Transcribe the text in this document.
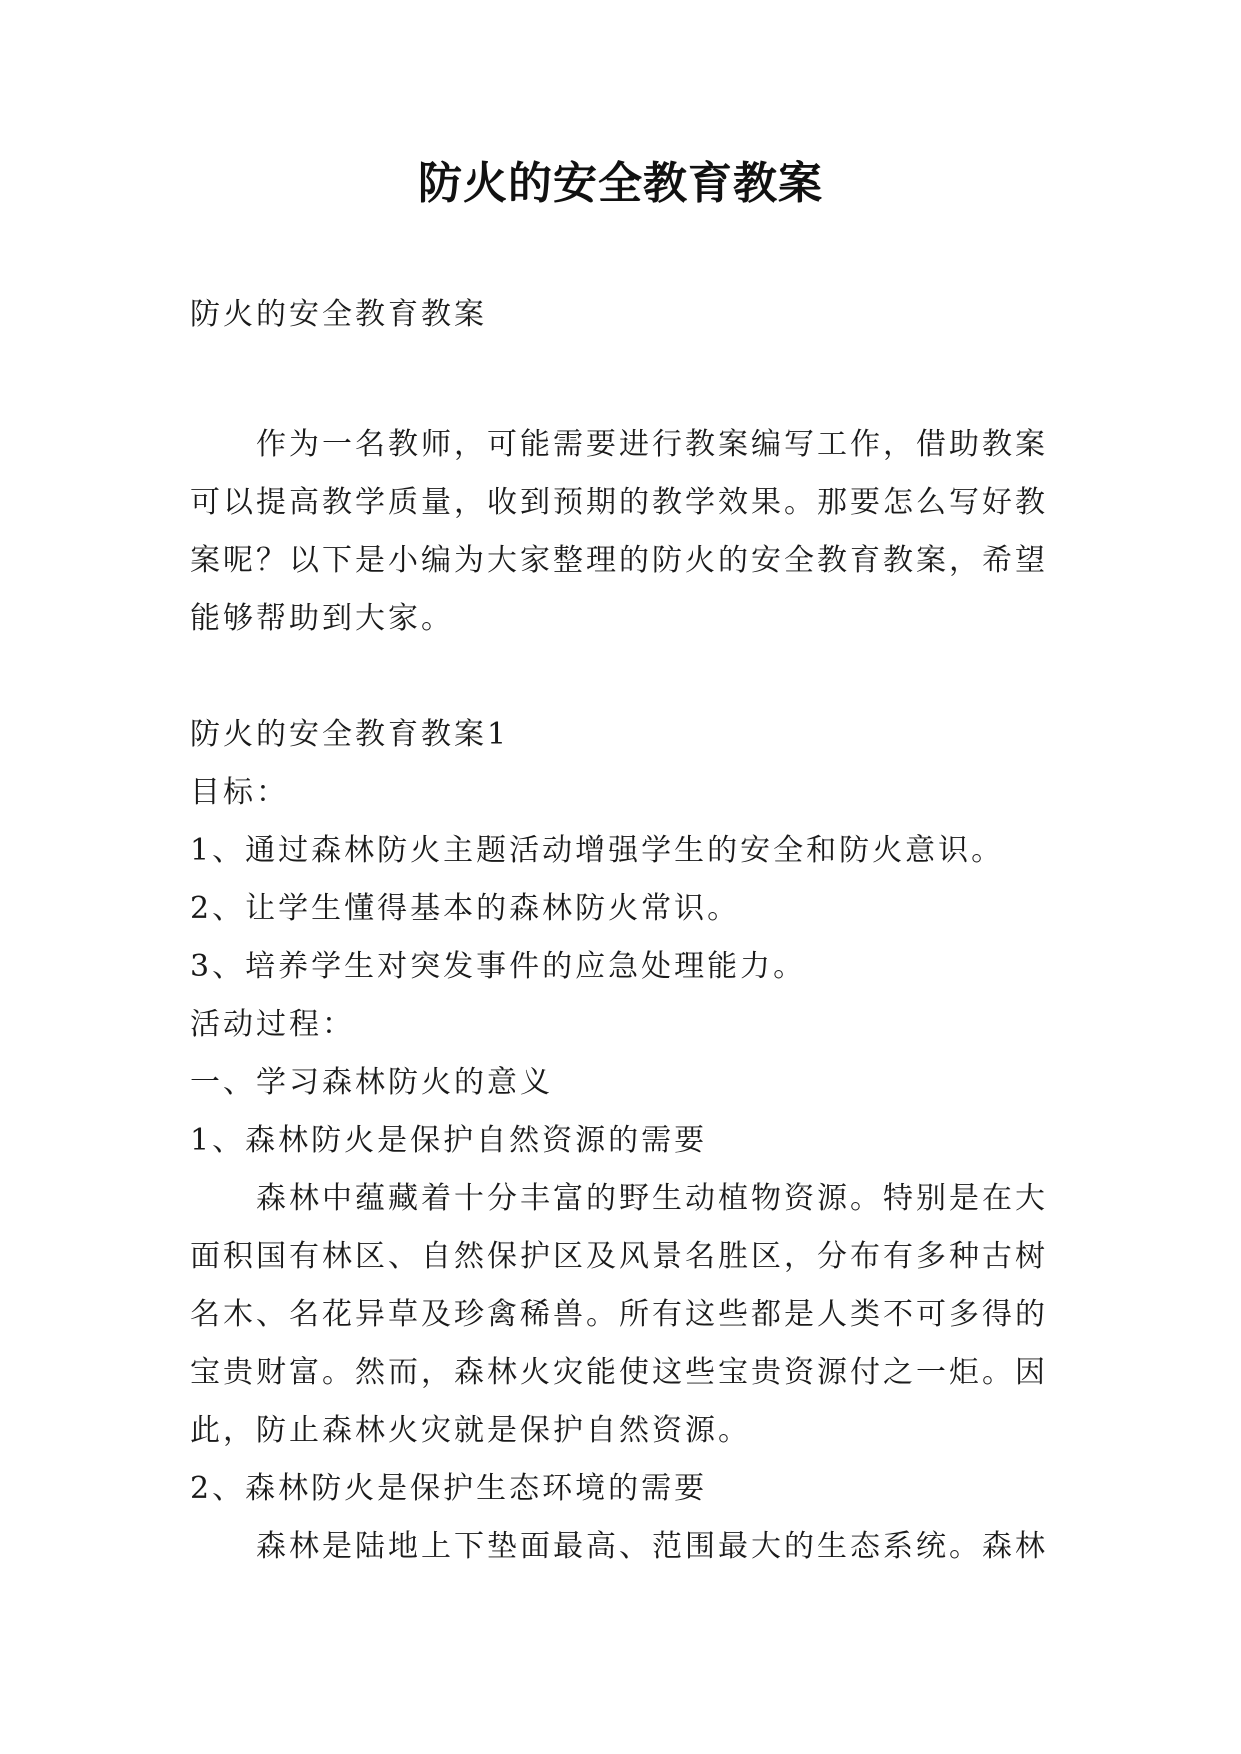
防火的安全教育教案

防火的安全教育教案

作为一名教师，可能需要进行教案编写工作，借助教案可以提高教学质量，收到预期的教学效果。那要怎么写好教案呢？以下是小编为大家整理的防火的安全教育教案，希望能够帮助到大家。

防火的安全教育教案1

目标：

1、通过森林防火主题活动增强学生的安全和防火意识。

2、让学生懂得基本的森林防火常识。

3、培养学生对突发事件的应急处理能力。

活动过程：

一、学习森林防火的意义

1、森林防火是保护自然资源的需要

森林中蕴藏着十分丰富的野生动植物资源。特别是在大面积国有林区、自然保护区及风景名胜区，分布有多种古树名木、名花异草及珍禽稀兽。所有这些都是人类不可多得的宝贵财富。然而，森林火灾能使这些宝贵资源付之一炬。因此，防止森林火灾就是保护自然资源。

2、森林防火是保护生态环境的需要

森林是陆地上下垫面最高、范围最大的生态系统。森林
